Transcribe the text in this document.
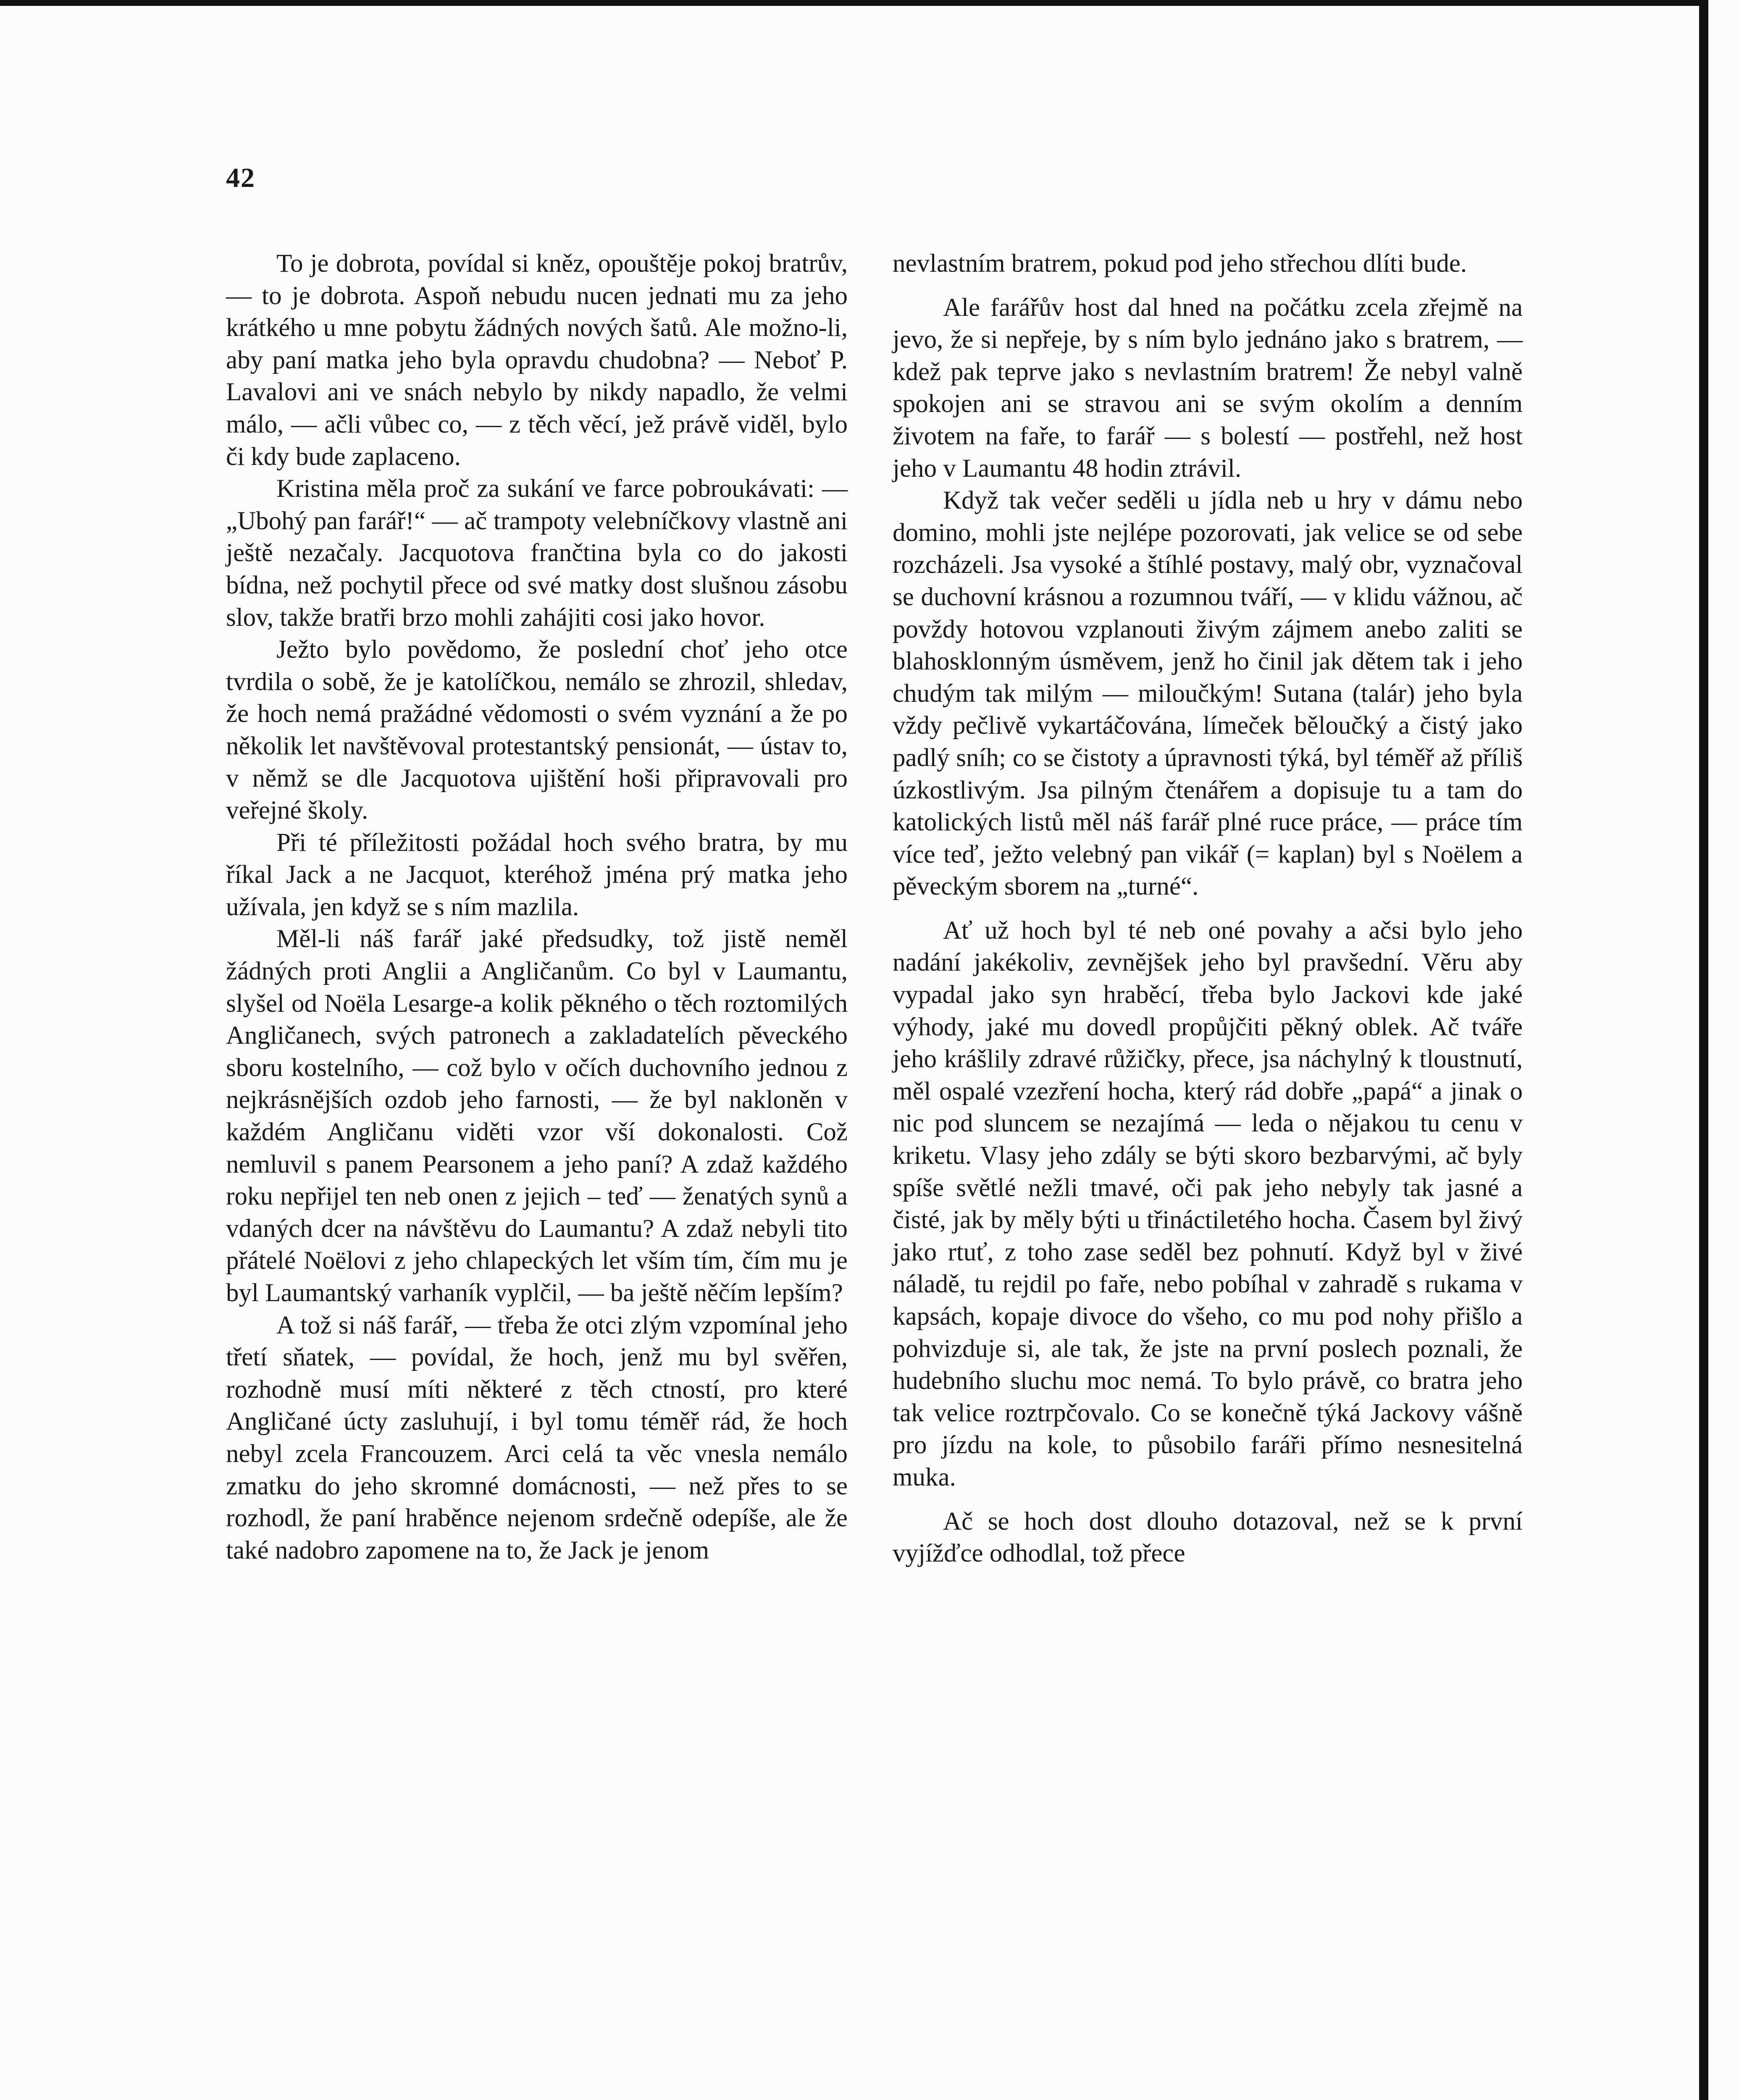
42

To je dobrota, povídal si kněz, opouštěje pokoj bratrův, — to je dobrota. Aspoň nebudu nucen jednati mu za jeho krátkého u mne pobytu žádných nových šatů. Ale možno-li, aby paní matka jeho byla opravdu chudobna? — Neboť P. Lavalovi ani ve snách nebylo by nikdy napadlo, že velmi málo, — ačli vůbec co, — z těch věcí, jež právě viděl, bylo či kdy bude zaplaceno.

Kristina měla proč za sukání ve farce pobroukávati: — „Ubohý pan farář!“ — ač trampoty velebníčkovy vlastně ani ještě nezačaly. Jacquotova frančtina byla co do jakosti bídna, než pochytil přece od své matky dost slušnou zásobu slov, takže bratři brzo mohli zahájiti cosi jako hovor.

Ježto bylo povědomo, že poslední choť jeho otce tvrdila o sobě, že je katolíčkou, nemálo se zhrozil, shledav, že hoch nemá pražádné vědomosti o svém vyznání a že po několik let navštěvoval protestantský pensionát, — ústav to, v němž se dle Jacquotova ujištění hoši připravovali pro veřejné školy.

Při té příležitosti požádal hoch svého bratra, by mu říkal Jack a ne Jacquot, kteréhož jména prý matka jeho užívala, jen když se s ním mazlila.

Měl-li náš farář jaké předsudky, tož jistě neměl žádných proti Anglii a Angličanům. Co byl v Laumantu, slyšel od Noëla Lesarge-a kolik pěkného o těch roztomilých Angličanech, svých patronech a zakladatelích pěveckého sboru kostelního, — což bylo v očích duchovního jednou z nejkrásnějších ozdob jeho farnosti, — že byl nakloněn v každém Angličanu viděti vzor vší dokonalosti. Což nemluvil s panem Pearsonem a jeho paní? A zdaž každého roku nepřijel ten neb onen z jejich – teď — ženatých synů a vdaných dcer na návštěvu do Laumantu? A zdaž nebyli tito přátelé Noëlovi z jeho chlapeckých let vším tím, čím mu je byl Laumantský varhaník vyplčil, — ba ještě něčím lepším?

A tož si náš farář, — třeba že otci zlým vzpomínal jeho třetí sňatek, — povídal, že hoch, jenž mu byl svěřen, rozhodně musí míti některé z těch ctností, pro které Angličané úcty zasluhují, i byl tomu téměř rád, že hoch nebyl zcela Francouzem. Arci celá ta věc vnesla nemálo zmatku do jeho skromné domácnosti, — než přes to se rozhodl, že paní hraběnce nejenom srdečně odepíše, ale že také nadobro zapomene na to, že Jack je jenom

nevlastním bratrem, pokud pod jeho střechou dlíti bude.

Ale farářův host dal hned na počátku zcela zřejmě na jevo, že si nepřeje, by s ním bylo jednáno jako s bratrem, — kdež pak teprve jako s nevlastním bratrem! Že nebyl valně spokojen ani se stravou ani se svým okolím a denním životem na faře, to farář — s bolestí — postřehl, než host jeho v Laumantu 48 hodin ztrávil.

Když tak večer seděli u jídla neb u hry v dámu nebo domino, mohli jste nejlépe pozorovati, jak velice se od sebe rozcházeli. Jsa vysoké a štíhlé postavy, malý obr, vyznačoval se duchovní krásnou a rozumnou tváří, — v klidu vážnou, ač povždy hotovou vzplanouti živým zájmem anebo zaliti se blahosklonným úsměvem, jenž ho činil jak dětem tak i jeho chudým tak milým — miloučkým! Sutana (talár) jeho byla vždy pečlivě vykartáčována, límeček běloučký a čistý jako padlý sníh; co se čistoty a úpravnosti týká, byl téměř až příliš úzkostlivým. Jsa pilným čtenářem a dopisuje tu a tam do katolických listů měl náš farář plné ruce práce, — práce tím více teď, ježto velebný pan vikář (= kaplan) byl s Noëlem a pěveckým sborem na „turné“.

Ať už hoch byl té neb oné povahy a ačsi bylo jeho nadání jakékoliv, zevnějšek jeho byl pravšední. Věru aby vypadal jako syn hraběcí, třeba bylo Jackovi kde jaké výhody, jaké mu dovedl propůjčiti pěkný oblek. Ač tváře jeho krášlily zdravé růžičky, přece, jsa náchylný k tloustnutí, měl ospalé vzezření hocha, který rád dobře „papá“ a jinak o nic pod sluncem se nezajímá — leda o nějakou tu cenu v kriketu. Vlasy jeho zdály se býti skoro bezbarvými, ač byly spíše světlé nežli tmavé, oči pak jeho nebyly tak jasné a čisté, jak by měly býti u třináctiletého hocha. Časem byl živý jako rtuť, z toho zase seděl bez pohnutí. Když byl v živé náladě, tu rejdil po faře, nebo pobíhal v zahradě s rukama v kapsách, kopaje divoce do všeho, co mu pod nohy přišlo a pohvizduje si, ale tak, že jste na první poslech poznali, že hudebního sluchu moc nemá. To bylo právě, co bratra jeho tak velice roztrpčovalo. Co se konečně týká Jackovy vášně pro jízdu na kole, to působilo faráři přímo nesnesitelná muka.

Ač se hoch dost dlouho dotazoval, než se k první vyjížďce odhodlal, tož přece
